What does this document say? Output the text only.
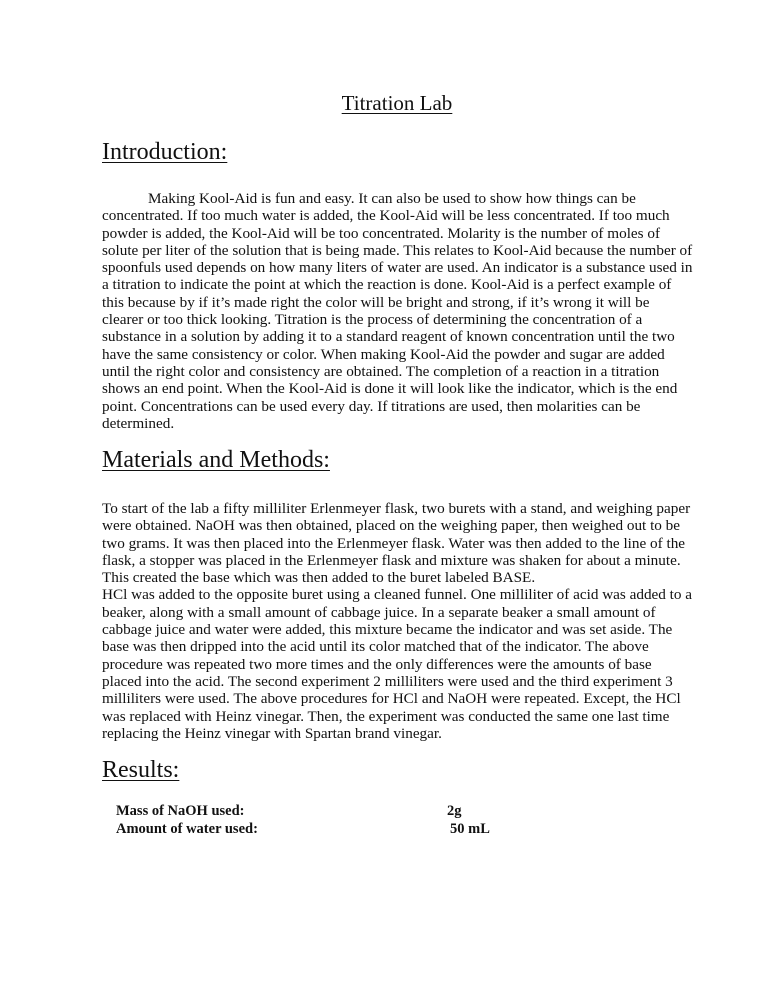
Titration Lab
Introduction:
Making Kool-Aid is fun and easy. It can also be used to show how things can be
concentrated. If too much water is added, the Kool-Aid will be less concentrated. If too much
powder is added, the Kool-Aid will be too concentrated. Molarity is the number of moles of
solute per liter of the solution that is being made. This relates to Kool-Aid because the number of
spoonfuls used depends on how many liters of water are used. An indicator is a substance used in
a titration to indicate the point at which the reaction is done. Kool-Aid is a perfect example of
this because by if it’s made right the color will be bright and strong, if it’s wrong it will be
clearer or too thick looking. Titration is the process of determining the concentration of a
substance in a solution by adding it to a standard reagent of known concentration until the two
have the same consistency or color. When making Kool-Aid the powder and sugar are added
until the right color and consistency are obtained. The completion of a reaction in a titration
shows an end point. When the Kool-Aid is done it will look like the indicator, which is the end
point. Concentrations can be used every day. If titrations are used, then molarities can be
determined.
Materials and Methods:
To start of the lab a fifty milliliter Erlenmeyer flask, two burets with a stand, and weighing paper
were obtained. NaOH was then obtained, placed on the weighing paper, then weighed out to be
two grams. It was then placed into the Erlenmeyer flask. Water was then added to the line of the
flask, a stopper was placed in the Erlenmeyer flask and mixture was shaken for about a minute.
This created the base which was then added to the buret labeled BASE.
HCl was added to the opposite buret using a cleaned funnel. One milliliter of acid was added to a
beaker, along with a small amount of cabbage juice. In a separate beaker a small amount of
cabbage juice and water were added, this mixture became the indicator and was set aside. The
base was then dripped into the acid until its color matched that of the indicator. The above
procedure was repeated two more times and the only differences were the amounts of base
placed into the acid. The second experiment 2 milliliters were used and the third experiment 3
milliliters were used. The above procedures for HCl and NaOH were repeated. Except, the HCl
was replaced with Heinz vinegar. Then, the experiment was conducted the same one last time
replacing the Heinz vinegar with Spartan brand vinegar.
Results:
Mass of NaOH used:	2g
Amount of water used:	50 mL
